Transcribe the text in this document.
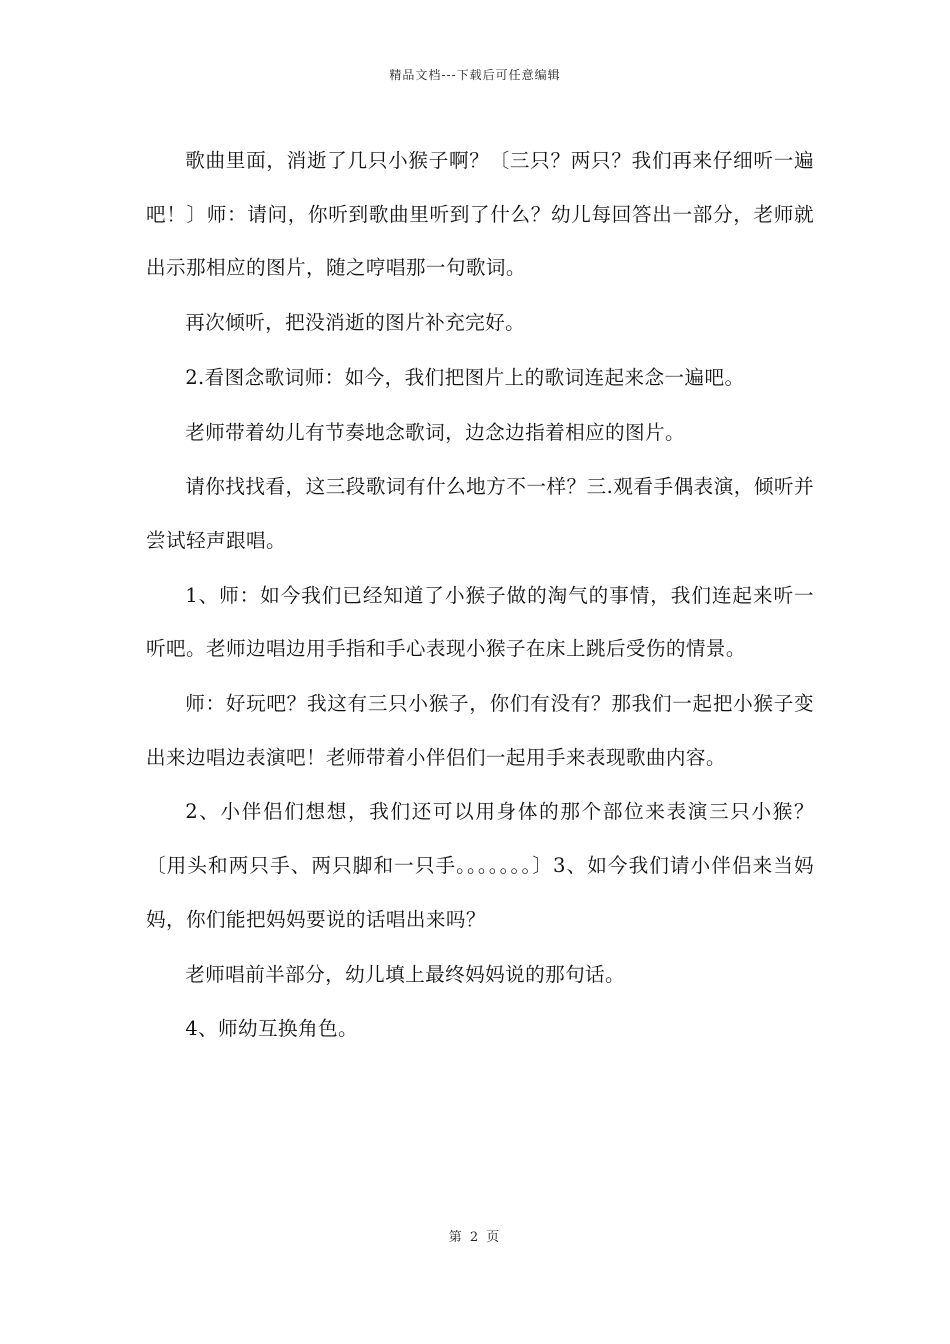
精品文档---下载后可任意编辑

歌曲里面，消逝了几只小猴子啊？〔三只？两只？我们再来仔细听一遍吧！〕师：请问，你听到歌曲里听到了什么？幼儿每回答出一部分，老师就出示那相应的图片，随之哼唱那一句歌词。

再次倾听，把没消逝的图片补充完好。

2.看图念歌词师：如今，我们把图片上的歌词连起来念一遍吧。

老师带着幼儿有节奏地念歌词，边念边指着相应的图片。

请你找找看，这三段歌词有什么地方不一样？三.观看手偶表演，倾听并尝试轻声跟唱。

1、师：如今我们已经知道了小猴子做的淘气的事情，我们连起来听一听吧。老师边唱边用手指和手心表现小猴子在床上跳后受伤的情景。

师：好玩吧？我这有三只小猴子，你们有没有？那我们一起把小猴子变出来边唱边表演吧！老师带着小伴侣们一起用手来表现歌曲内容。

2、小伴侣们想想，我们还可以用身体的那个部位来表演三只小猴？〔用头和两只手、两只脚和一只手。。。。。。。〕3、如今我们请小伴侣来当妈妈，你们能把妈妈要说的话唱出来吗？

老师唱前半部分，幼儿填上最终妈妈说的那句话。

4、师幼互换角色。

第 2 页
